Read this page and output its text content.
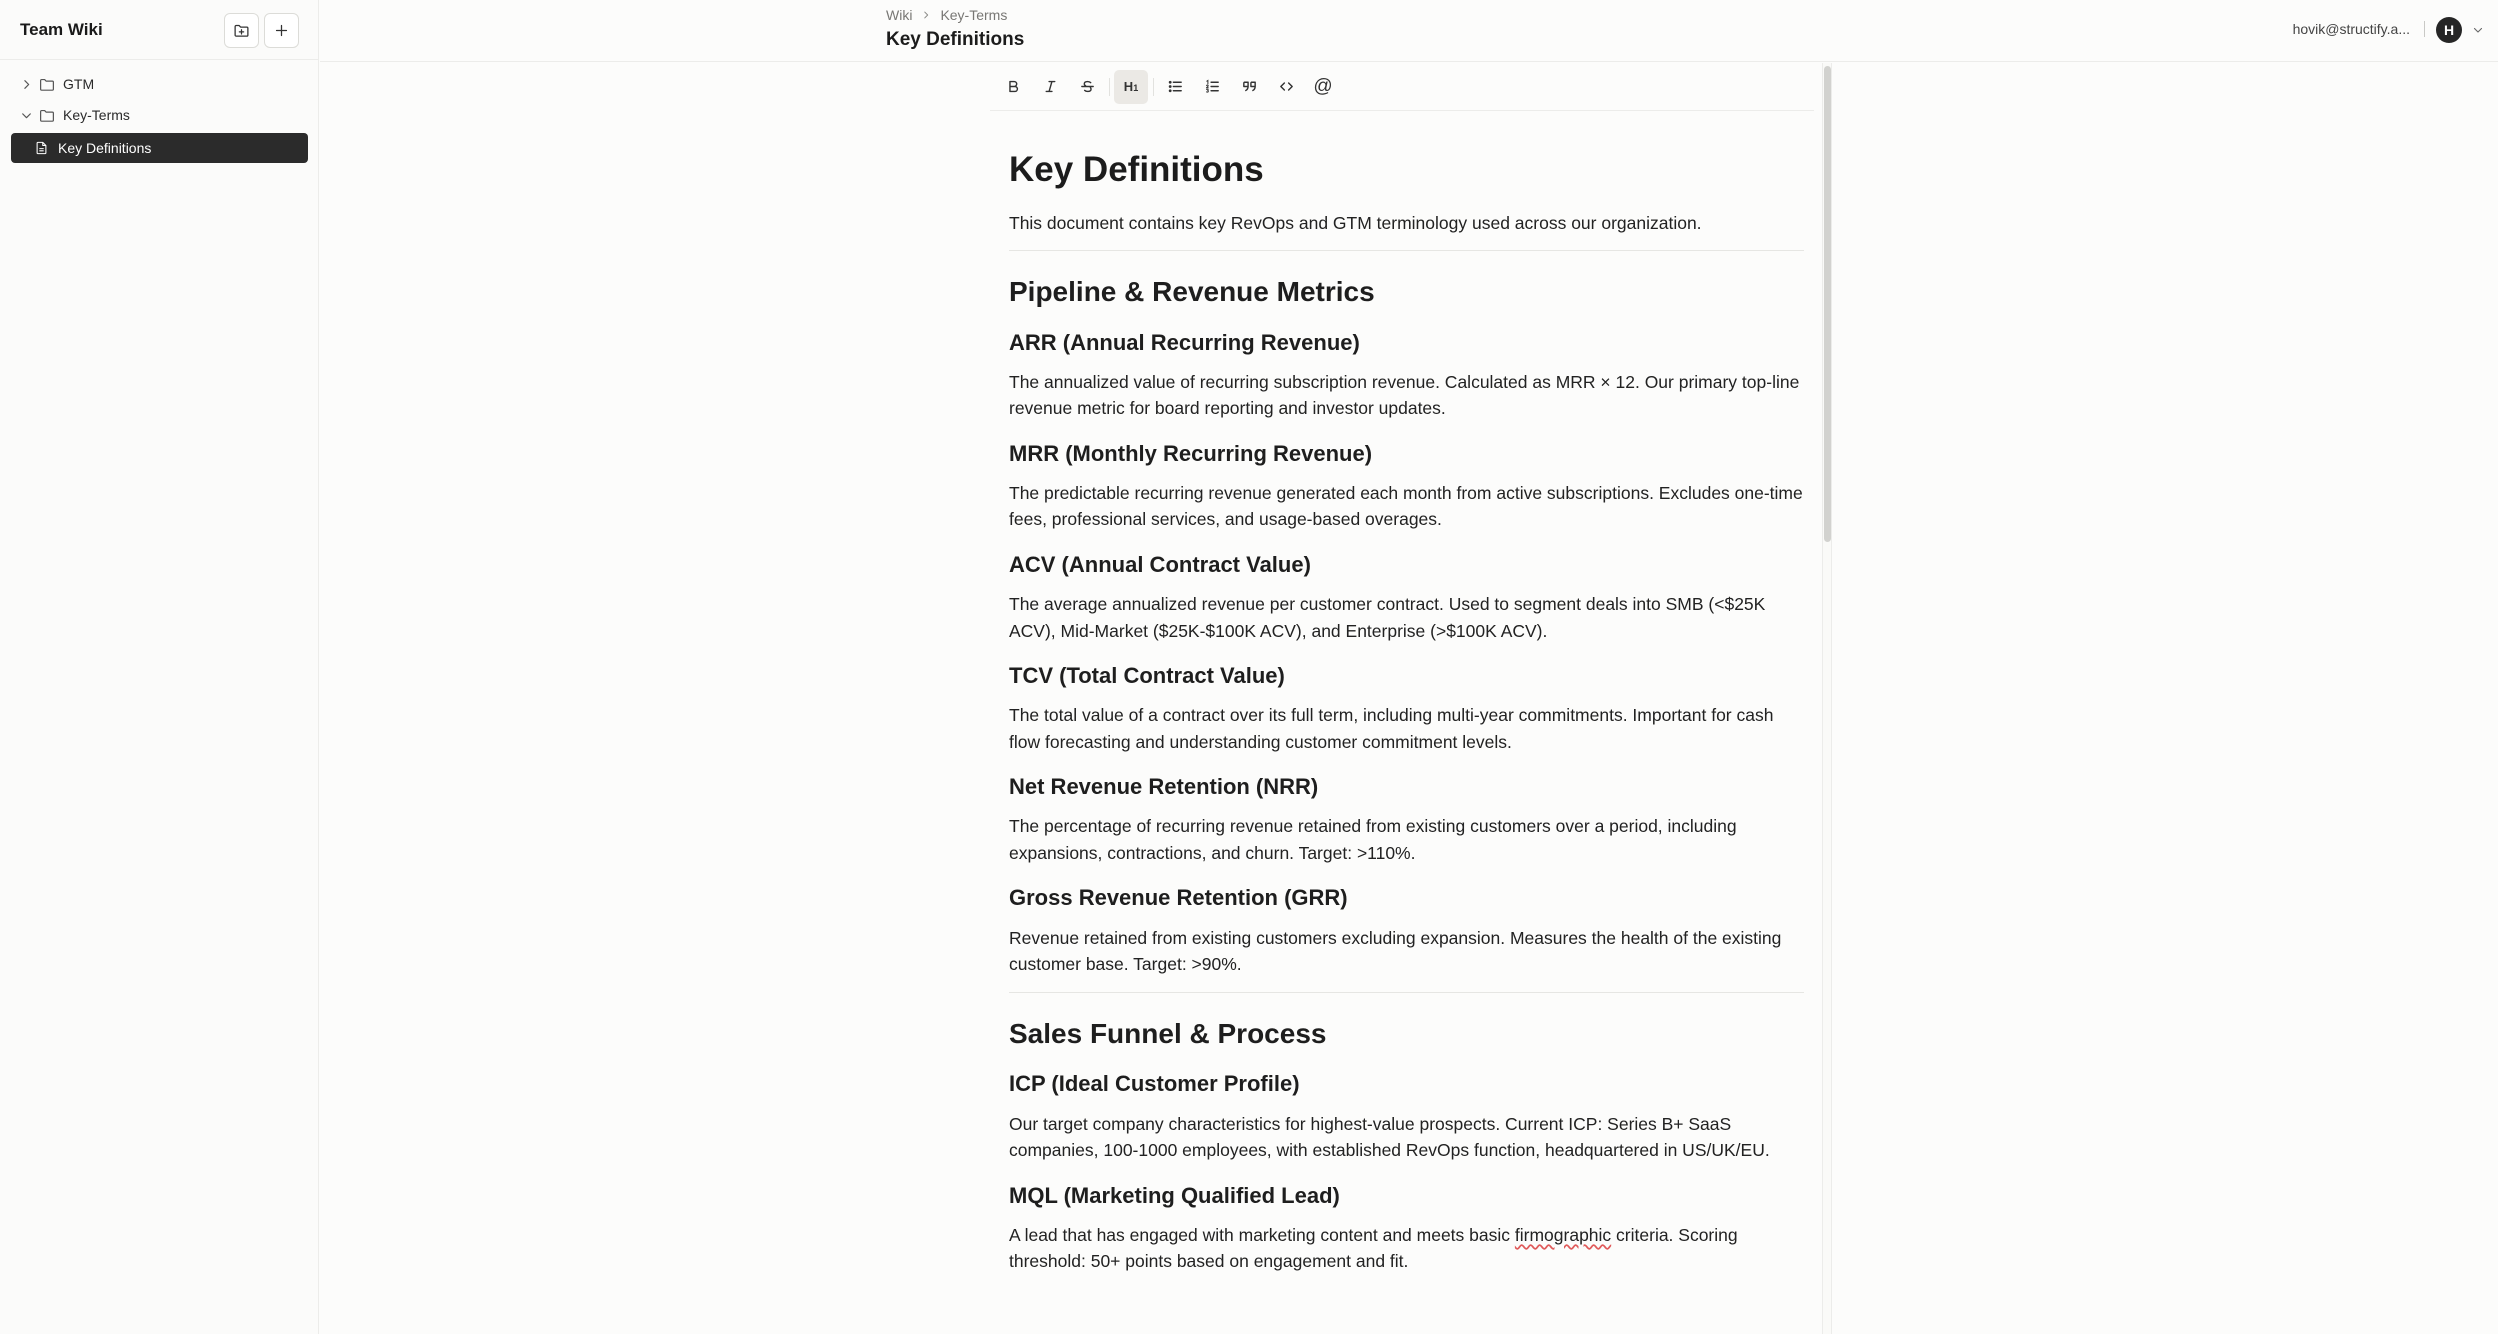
Team Wiki
GTM
Key-Terms
Key Definitions
Wiki Key-Terms
Key Definitions	hovik@structify.a...	H
H1	@
Key Definitions

This document contains key RevOps and GTM terminology used across our organization.

Pipeline & Revenue Metrics
ARR (Annual Recurring Revenue)

The annualized value of recurring subscription revenue. Calculated as MRR × 12. Our primary top-line revenue metric for board reporting and investor updates.

MRR (Monthly Recurring Revenue)

The predictable recurring revenue generated each month from active subscriptions. Excludes one-time fees, professional services, and usage-based overages.

ACV (Annual Contract Value)

The average annualized revenue per customer contract. Used to segment deals into SMB (<$25K ACV), Mid-Market ($25K-$100K ACV), and Enterprise (>$100K ACV).

TCV (Total Contract Value)

The total value of a contract over its full term, including multi-year commitments. Important for cash flow forecasting and understanding customer commitment levels.

Net Revenue Retention (NRR)

The percentage of recurring revenue retained from existing customers over a period, including expansions, contractions, and churn. Target: >110%.

Gross Revenue Retention (GRR)

Revenue retained from existing customers excluding expansion. Measures the health of the existing customer base. Target: >90%.

Sales Funnel & Process
ICP (Ideal Customer Profile)

Our target company characteristics for highest-value prospects. Current ICP: Series B+ SaaS companies, 100-1000 employees, with established RevOps function, headquartered in US/UK/EU.

MQL (Marketing Qualified Lead)

A lead that has engaged with marketing content and meets basic firmographic criteria. Scoring threshold: 50+ points based on engagement and fit.
